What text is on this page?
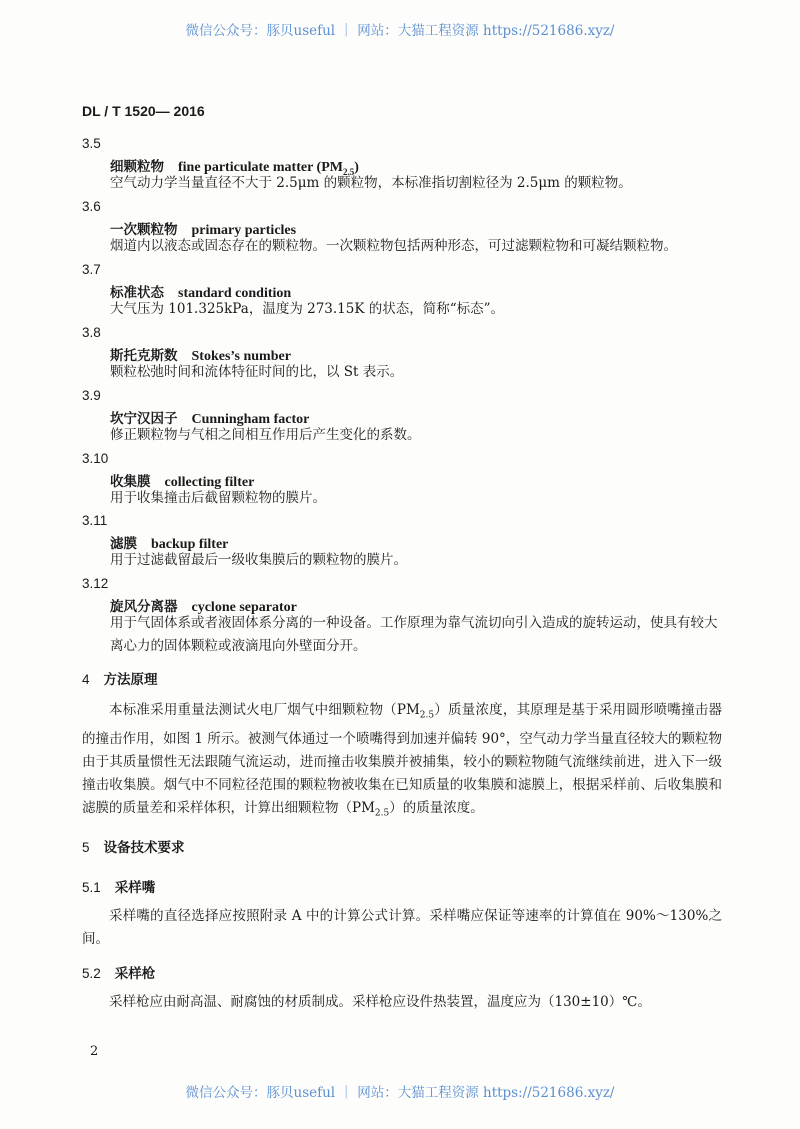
微信公众号：豚贝useful ｜ 网站：大猫工程资源 https://521686.xyz/
DL / T 1520— 2016
3.5
细颗粒物 fine particulate matter $(PM_{2.5})$
空气动力学当量直径不大于 2.5μm 的颗粒物，本标准指切割粒径为 2.5μm 的颗粒物。
3.6
一次颗粒物 primary particles
烟道内以液态或固态存在的颗粒物。一次颗粒物包括两种形态，可过滤颗粒物和可凝结颗粒物。
3.7
标准状态 standard condition
大气压为 101.325kPa，温度为 273.15K 的状态，简称“标态”。
3.8
斯托克斯数 Stokes’s number
颗粒松弛时间和流体特征时间的比，以 St 表示。
3.9
坎宁汉因子 Cunningham factor
修正颗粒物与气相之间相互作用后产生变化的系数。
3.10
收集膜 collecting filter
用于收集撞击后截留颗粒物的膜片。
3.11
滤膜 backup filter
用于过滤截留最后一级收集膜后的颗粒物的膜片。
3.12
旋风分离器 cyclone separator
用于气固体系或者液固体系分离的一种设备。工作原理为靠气流切向引入造成的旋转运动，使具有较大离心力的固体颗粒或液滴甩向外壁面分开。
4 方法原理
本标准采用重量法测试火电厂烟气中细颗粒物$(PM_{2.5})$质量浓度，其原理是基于采用圆形喷嘴撞击器的撞击作用，如图 1 所示。被测气体通过一个喷嘴得到加速并偏转 90°，空气动力学当量直径较大的颗粒物由于其质量惯性无法跟随气流运动，进而撞击收集膜并被捕集，较小的颗粒物随气流继续前进，进入下一级撞击收集膜。烟气中不同粒径范围的颗粒物被收集在已知质量的收集膜和滤膜上，根据采样前、后收集膜和滤膜的质量差和采样体积，计算出细颗粒物$(PM_{2.5})$的质量浓度。
5 设备技术要求
5.1 采样嘴
采样嘴的直径选择应按照附录 A 中的计算公式计算。采样嘴应保证等速率的计算值在 90%～130%之间。
5.2 采样枪
采样枪应由耐高温、耐腐蚀的材质制成。采样枪应设件热装置，温度应为（130±10）℃。
2
微信公众号：豚贝useful ｜ 网站：大猫工程资源 https://521686.xyz/
